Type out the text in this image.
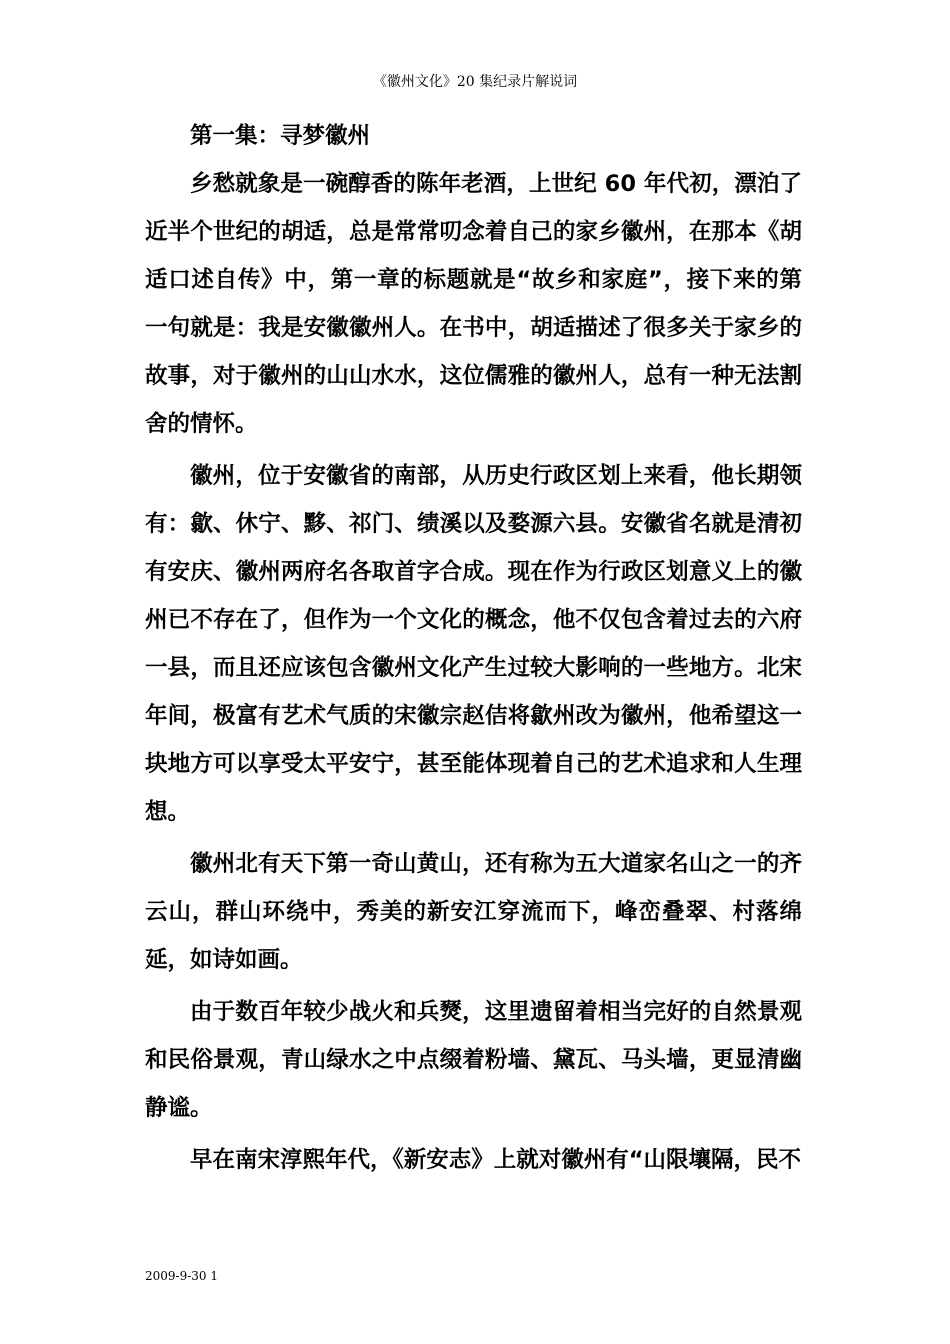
《徽州文化》20 集纪录片解说词
第一集：寻梦徽州

乡愁就象是一碗醇香的陈年老酒，上世纪 60 年代初，漂泊了近半个世纪的胡适，总是常常叨念着自己的家乡徽州，在那本《胡适口述自传》中，第一章的标题就是“故乡和家庭”，接下来的第一句就是：我是安徽徽州人。在书中，胡适描述了很多关于家乡的故事，对于徽州的山山水水，这位儒雅的徽州人，总有一种无法割舍的情怀。

徽州，位于安徽省的南部，从历史行政区划上来看，他长期领有：歙、休宁、黟、祁门、绩溪以及婺源六县。安徽省名就是清初有安庆、徽州两府名各取首字合成。现在作为行政区划意义上的徽州已不存在了，但作为一个文化的概念，他不仅包含着过去的六府一县，而且还应该包含徽州文化产生过较大影响的一些地方。北宋年间，极富有艺术气质的宋徽宗赵佶将歙州改为徽州，他希望这一块地方可以享受太平安宁，甚至能体现着自己的艺术追求和人生理想。

徽州北有天下第一奇山黄山，还有称为五大道家名山之一的齐云山，群山环绕中，秀美的新安江穿流而下，峰峦叠翠、村落绵延，如诗如画。

由于数百年较少战火和兵燹，这里遗留着相当完好的自然景观和民俗景观，青山绿水之中点缀着粉墙、黛瓦、马头墙，更显清幽静谧。

早在南宋淳熙年代，《新安志》上就对徽州有“山限壤隔，民不

2009-9-30 1
